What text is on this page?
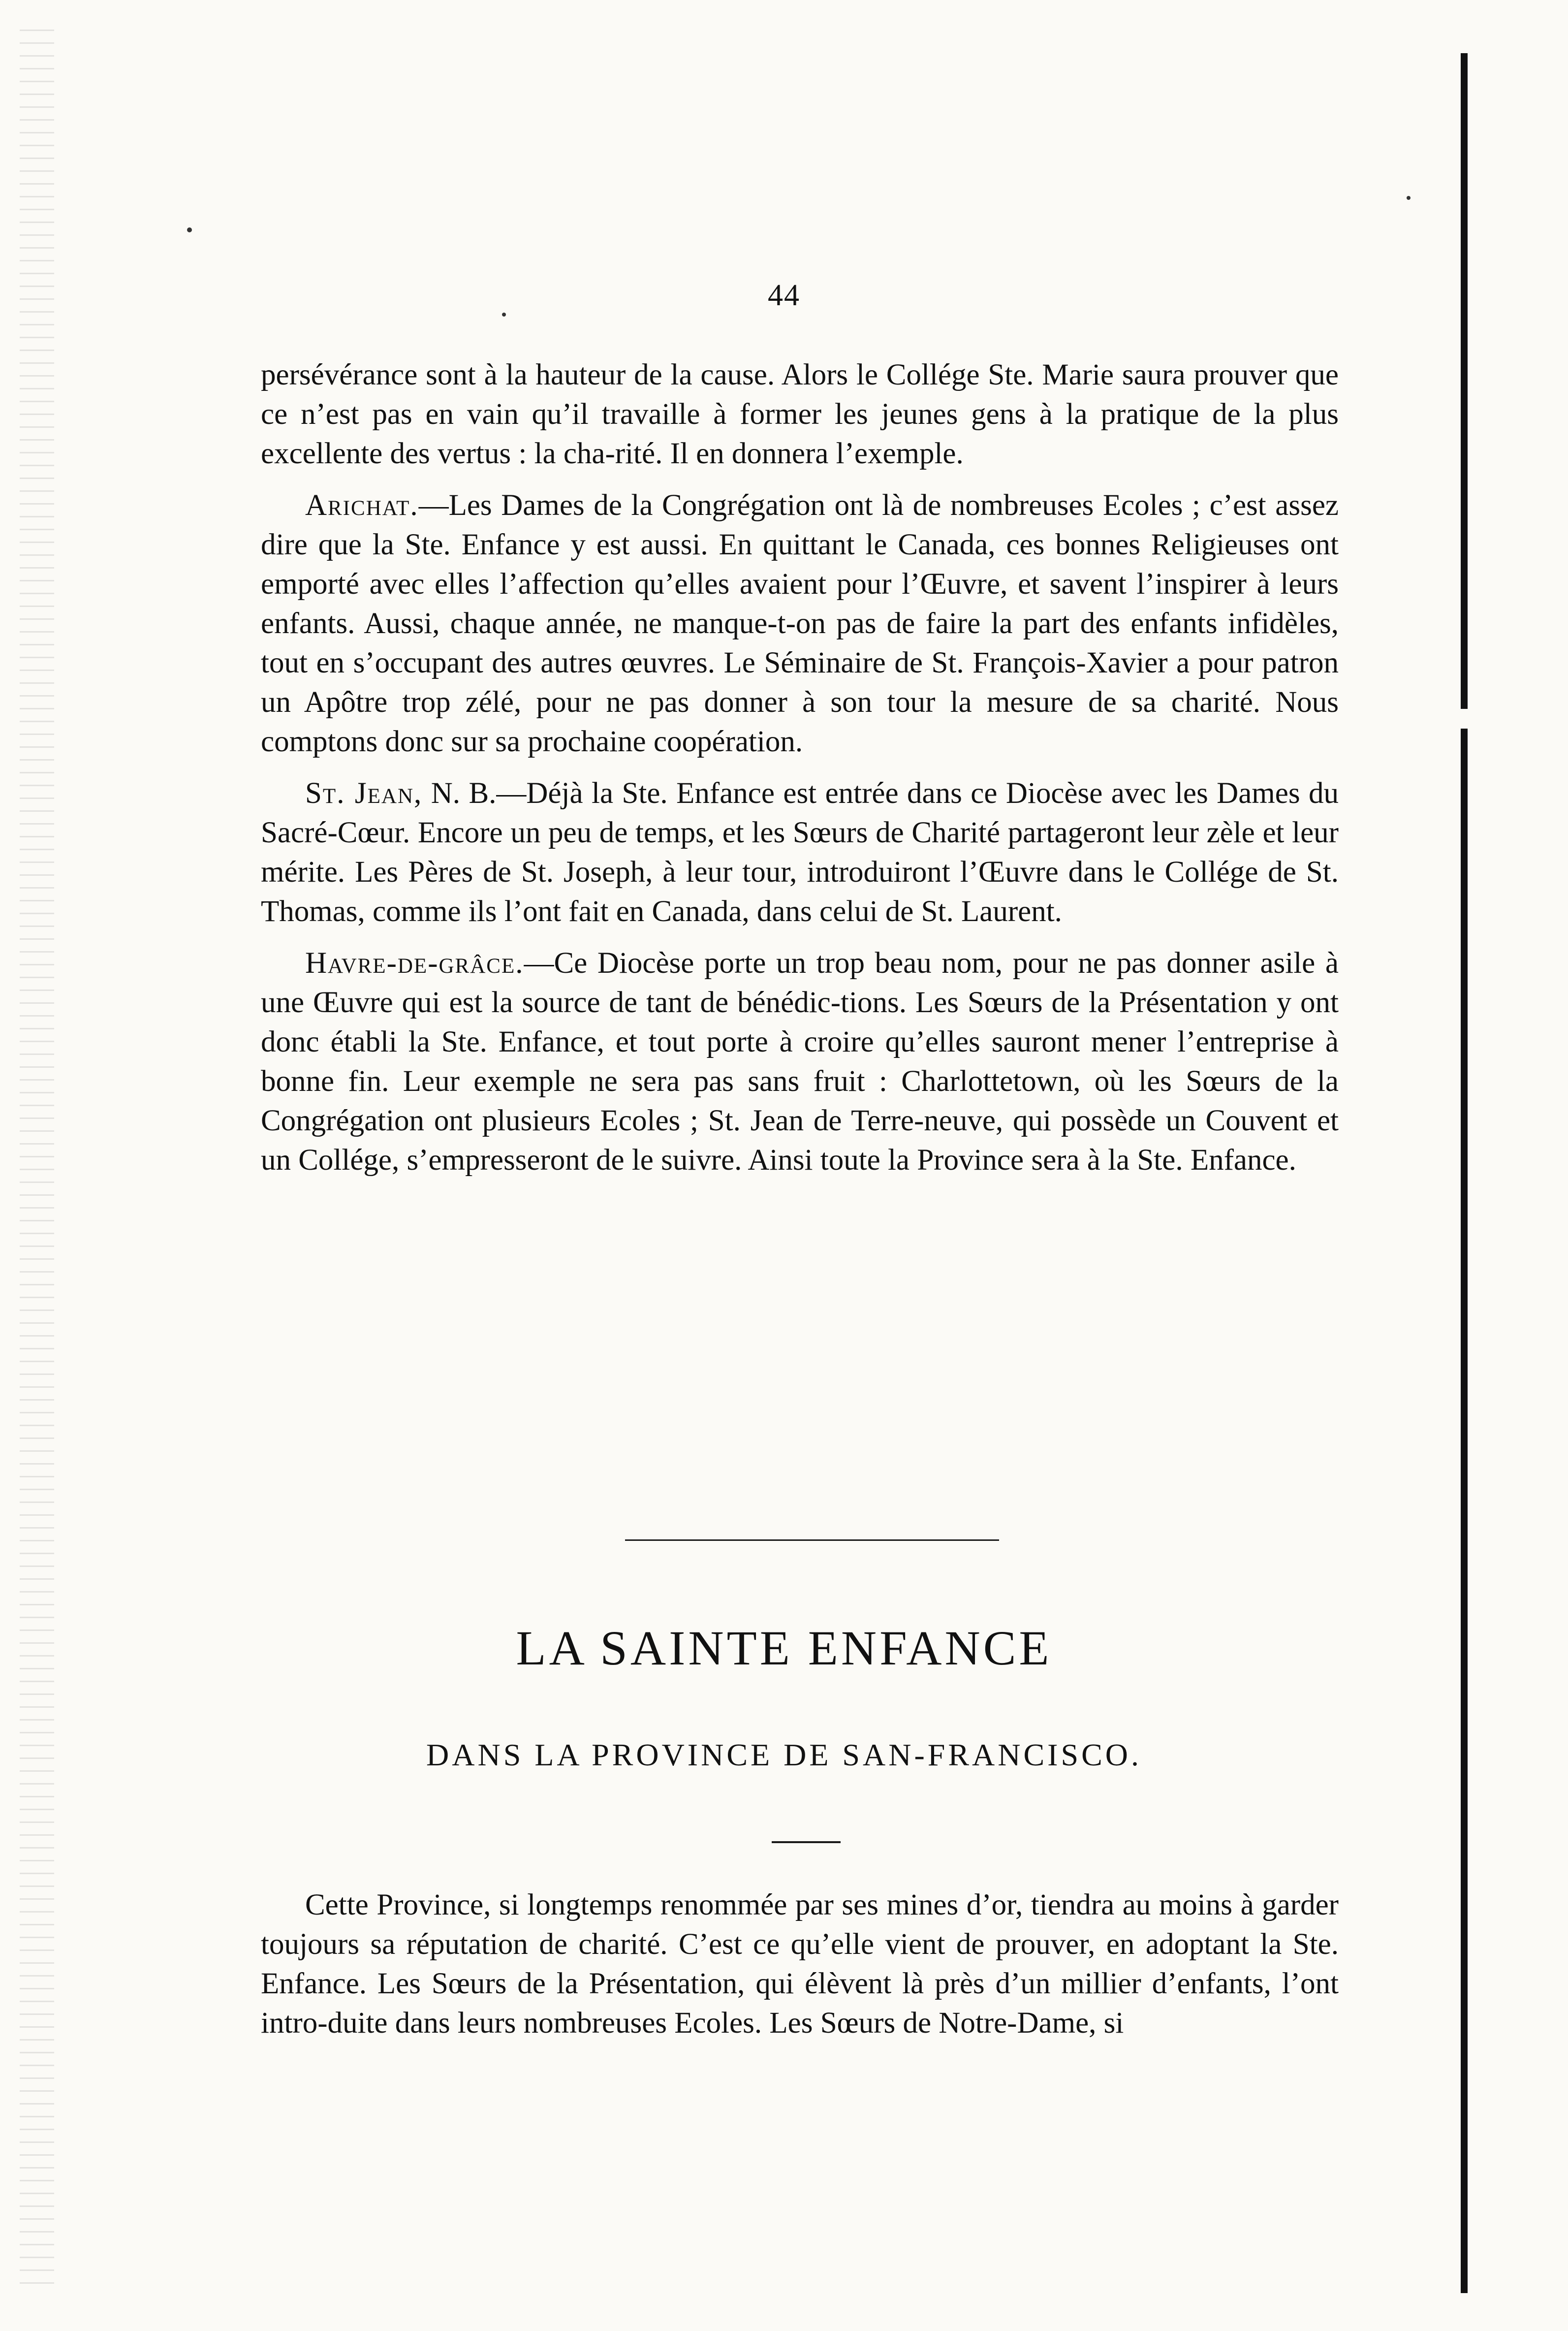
44

persévérance sont à la hauteur de la cause. Alors le Collége Ste. Marie saura prouver que ce n’est pas en vain qu’il travaille à former les jeunes gens à la pratique de la plus excellente des vertus : la cha-rité. Il en donnera l’exemple.

Arichat.—Les Dames de la Congrégation ont là de nombreuses Ecoles ; c’est assez dire que la Ste. Enfance y est aussi. En quittant le Canada, ces bonnes Religieuses ont emporté avec elles l’affection qu’elles avaient pour l’Œuvre, et savent l’inspirer à leurs enfants. Aussi, chaque année, ne manque-t-on pas de faire la part des enfants infidèles, tout en s’occupant des autres œuvres. Le Séminaire de St. François-Xavier a pour patron un Apôtre trop zélé, pour ne pas donner à son tour la mesure de sa charité. Nous comptons donc sur sa prochaine coopération.

St. Jean, N. B.—Déjà la Ste. Enfance est entrée dans ce Diocèse avec les Dames du Sacré-Cœur. Encore un peu de temps, et les Sœurs de Charité partageront leur zèle et leur mérite. Les Pères de St. Joseph, à leur tour, introduiront l’Œuvre dans le Collége de St. Thomas, comme ils l’ont fait en Canada, dans celui de St. Laurent.

Havre-de-grâce.—Ce Diocèse porte un trop beau nom, pour ne pas donner asile à une Œuvre qui est la source de tant de bénédic-tions. Les Sœurs de la Présentation y ont donc établi la Ste. Enfance, et tout porte à croire qu’elles sauront mener l’entreprise à bonne fin. Leur exemple ne sera pas sans fruit : Charlottetown, où les Sœurs de la Congrégation ont plusieurs Ecoles ; St. Jean de Terre-neuve, qui possède un Couvent et un Collége, s’empresseront de le suivre. Ainsi toute la Province sera à la Ste. Enfance.

LA SAINTE ENFANCE
DANS LA PROVINCE DE SAN-FRANCISCO.

Cette Province, si longtemps renommée par ses mines d’or, tiendra au moins à garder toujours sa réputation de charité. C’est ce qu’elle vient de prouver, en adoptant la Ste. Enfance. Les Sœurs de la Présentation, qui élèvent là près d’un millier d’enfants, l’ont intro-duite dans leurs nombreuses Ecoles. Les Sœurs de Notre-Dame, si
